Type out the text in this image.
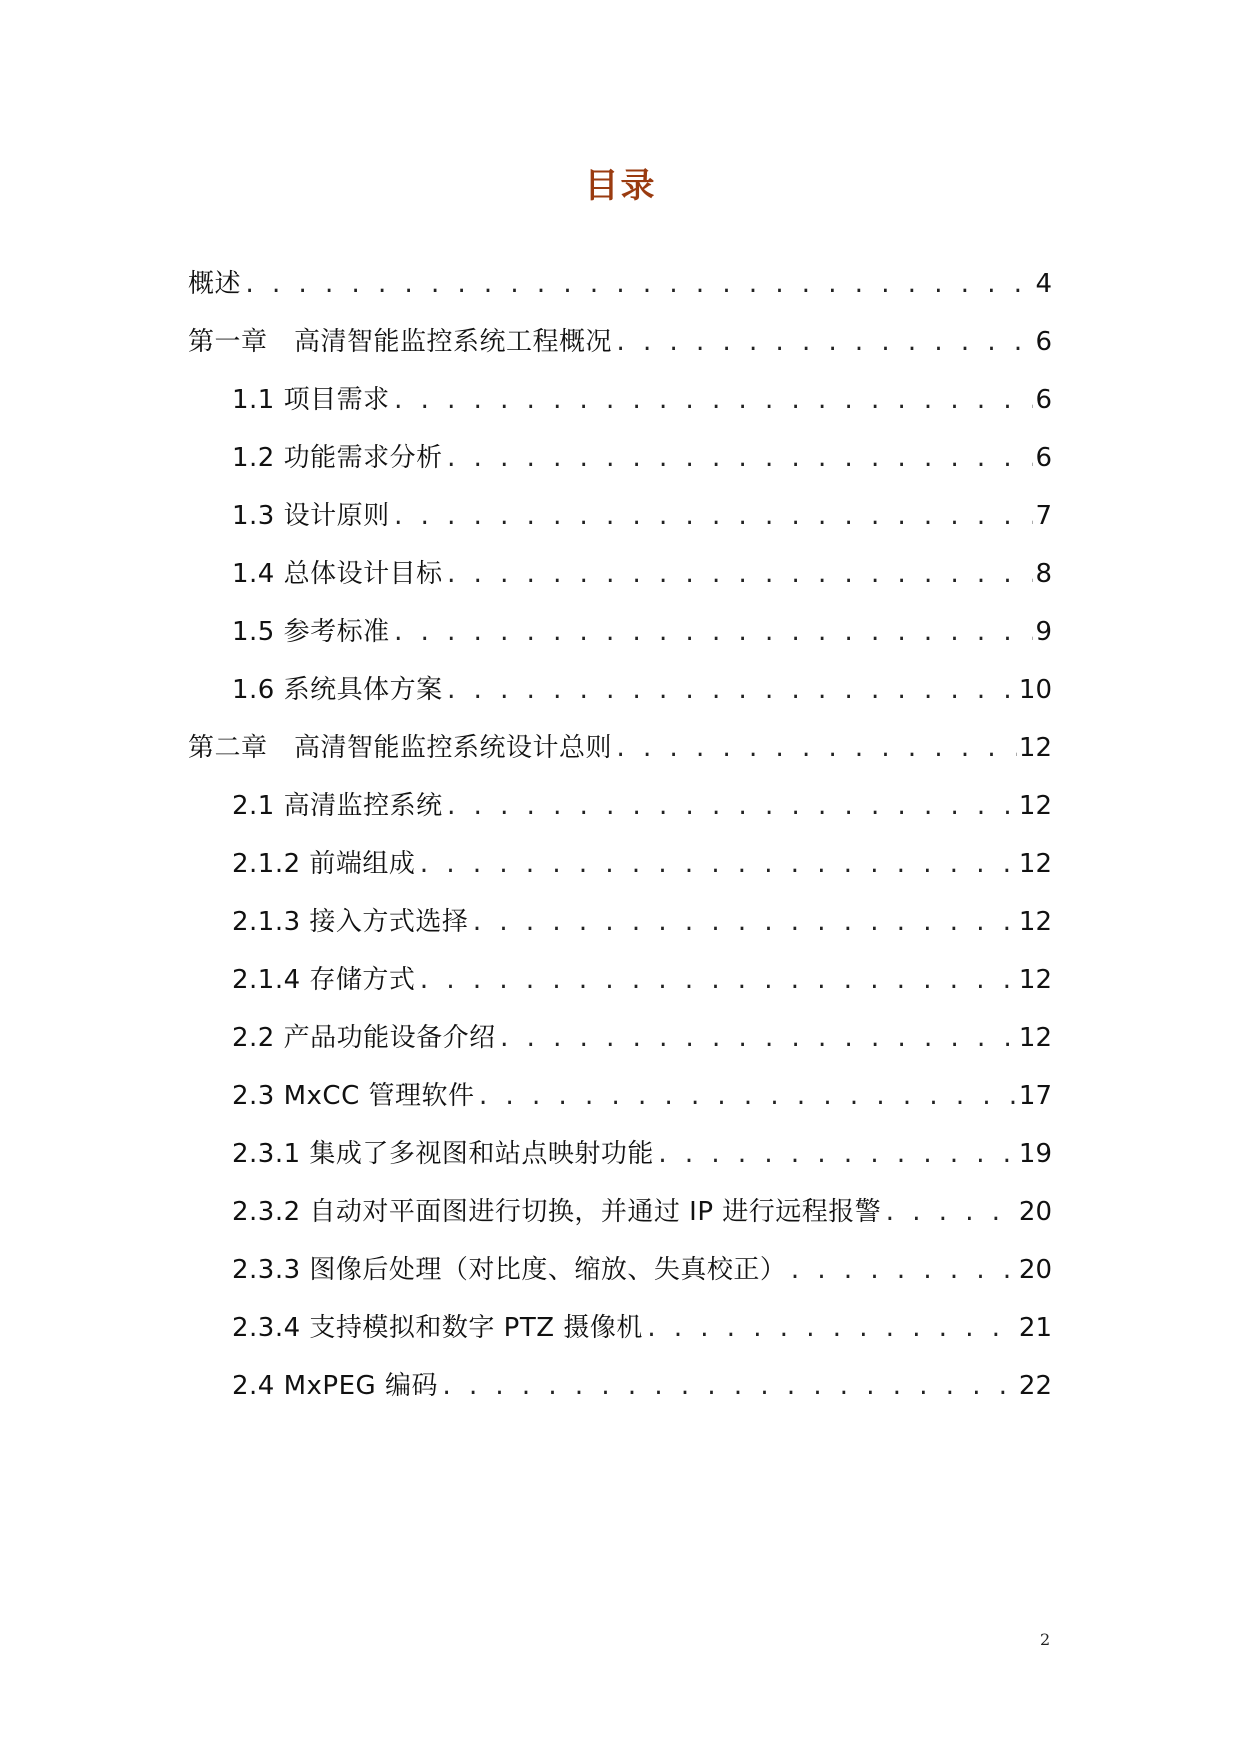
目录
概述 . . .	4
第一章　高清智能监控系统工程概况 . . .	6
1.1 项目需求 . . .	6
1.2 功能需求分析 . . .	6
1.3 设计原则 . . .	7
1.4 总体设计目标 . . .	8
1.5 参考标准 . . .	9
1.6 系统具体方案 . . .	10
第二章　高清智能监控系统设计总则 . . .	12
2.1 高清监控系统 . . .	12
2.1.2 前端组成 . . .	12
2.1.3 接入方式选择 . . .	12
2.1.4 存储方式 . . .	12
2.2 产品功能设备介绍 . . .	12
2.3 MxCC 管理软件 . . .	17
2.3.1 集成了多视图和站点映射功能 . . .	19
2.3.2 自动对平面图进行切换，并通过 IP 进行远程报警 . . .	20
2.3.3 图像后处理（对比度、缩放、失真校正） . . .	20
2.3.4 支持模拟和数字 PTZ 摄像机 . . .	21
2.4 MxPEG 编码 . . .	22
2
